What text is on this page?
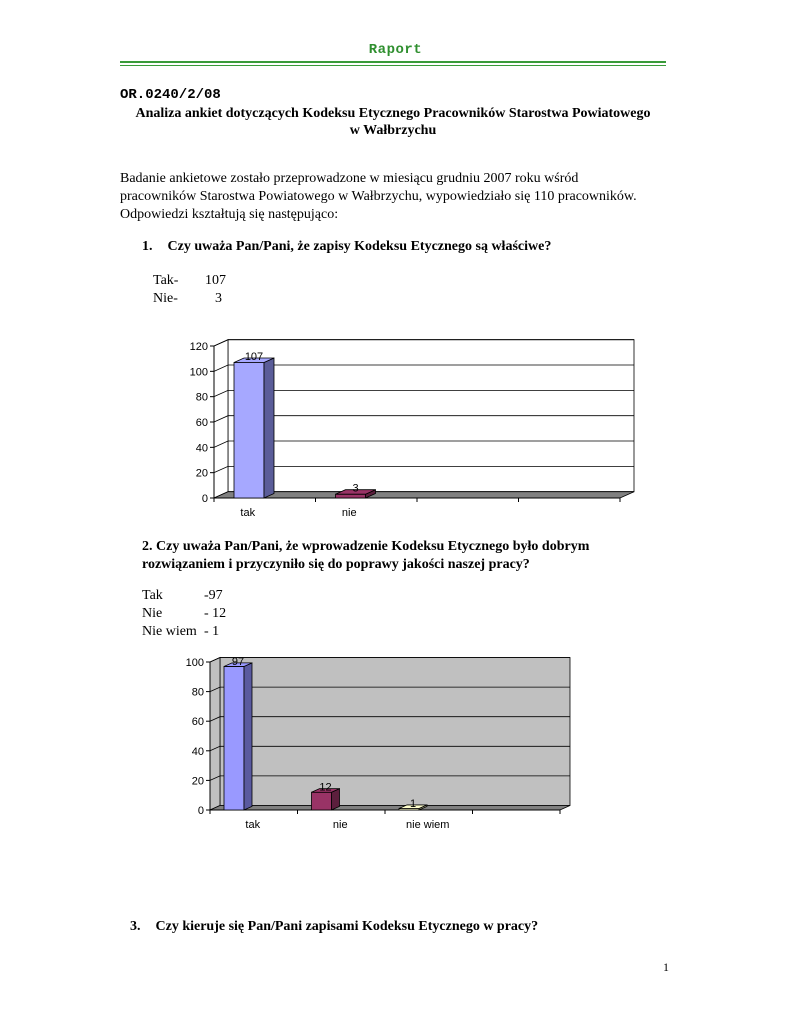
Raport
OR.0240/2/08
Analiza ankiet dotyczących Kodeksu Etycznego Pracowników Starostwa Powiatowego
w Wałbrzychu
Badanie ankietowe zostało przeprowadzone w miesiącu grudniu 2007 roku wśród
pracowników Starostwa Powiatowego w Wałbrzychu, wypowiedziało się 110 pracowników.
Odpowiedzi kształtują się następująco:
1. Czy uważa Pan/Pani, że zapisy Kodeksu Etycznego są właściwe?
Tak- 107
Nie-	3
0
20
40
60
80
100
120
107
tak
3
nie
2. Czy uważa Pan/Pani, że wprowadzenie Kodeksu Etycznego było dobrym
rozwiązaniem i przyczyniło się do poprawy jakości naszej pracy?
Tak	-97
Nie	- 12
Nie wiem - 1
0
20
40
60
80
100	97
tak
12
nie
1
nie wiem
3. Czy kieruje się Pan/Pani zapisami Kodeksu Etycznego w pracy?
1
